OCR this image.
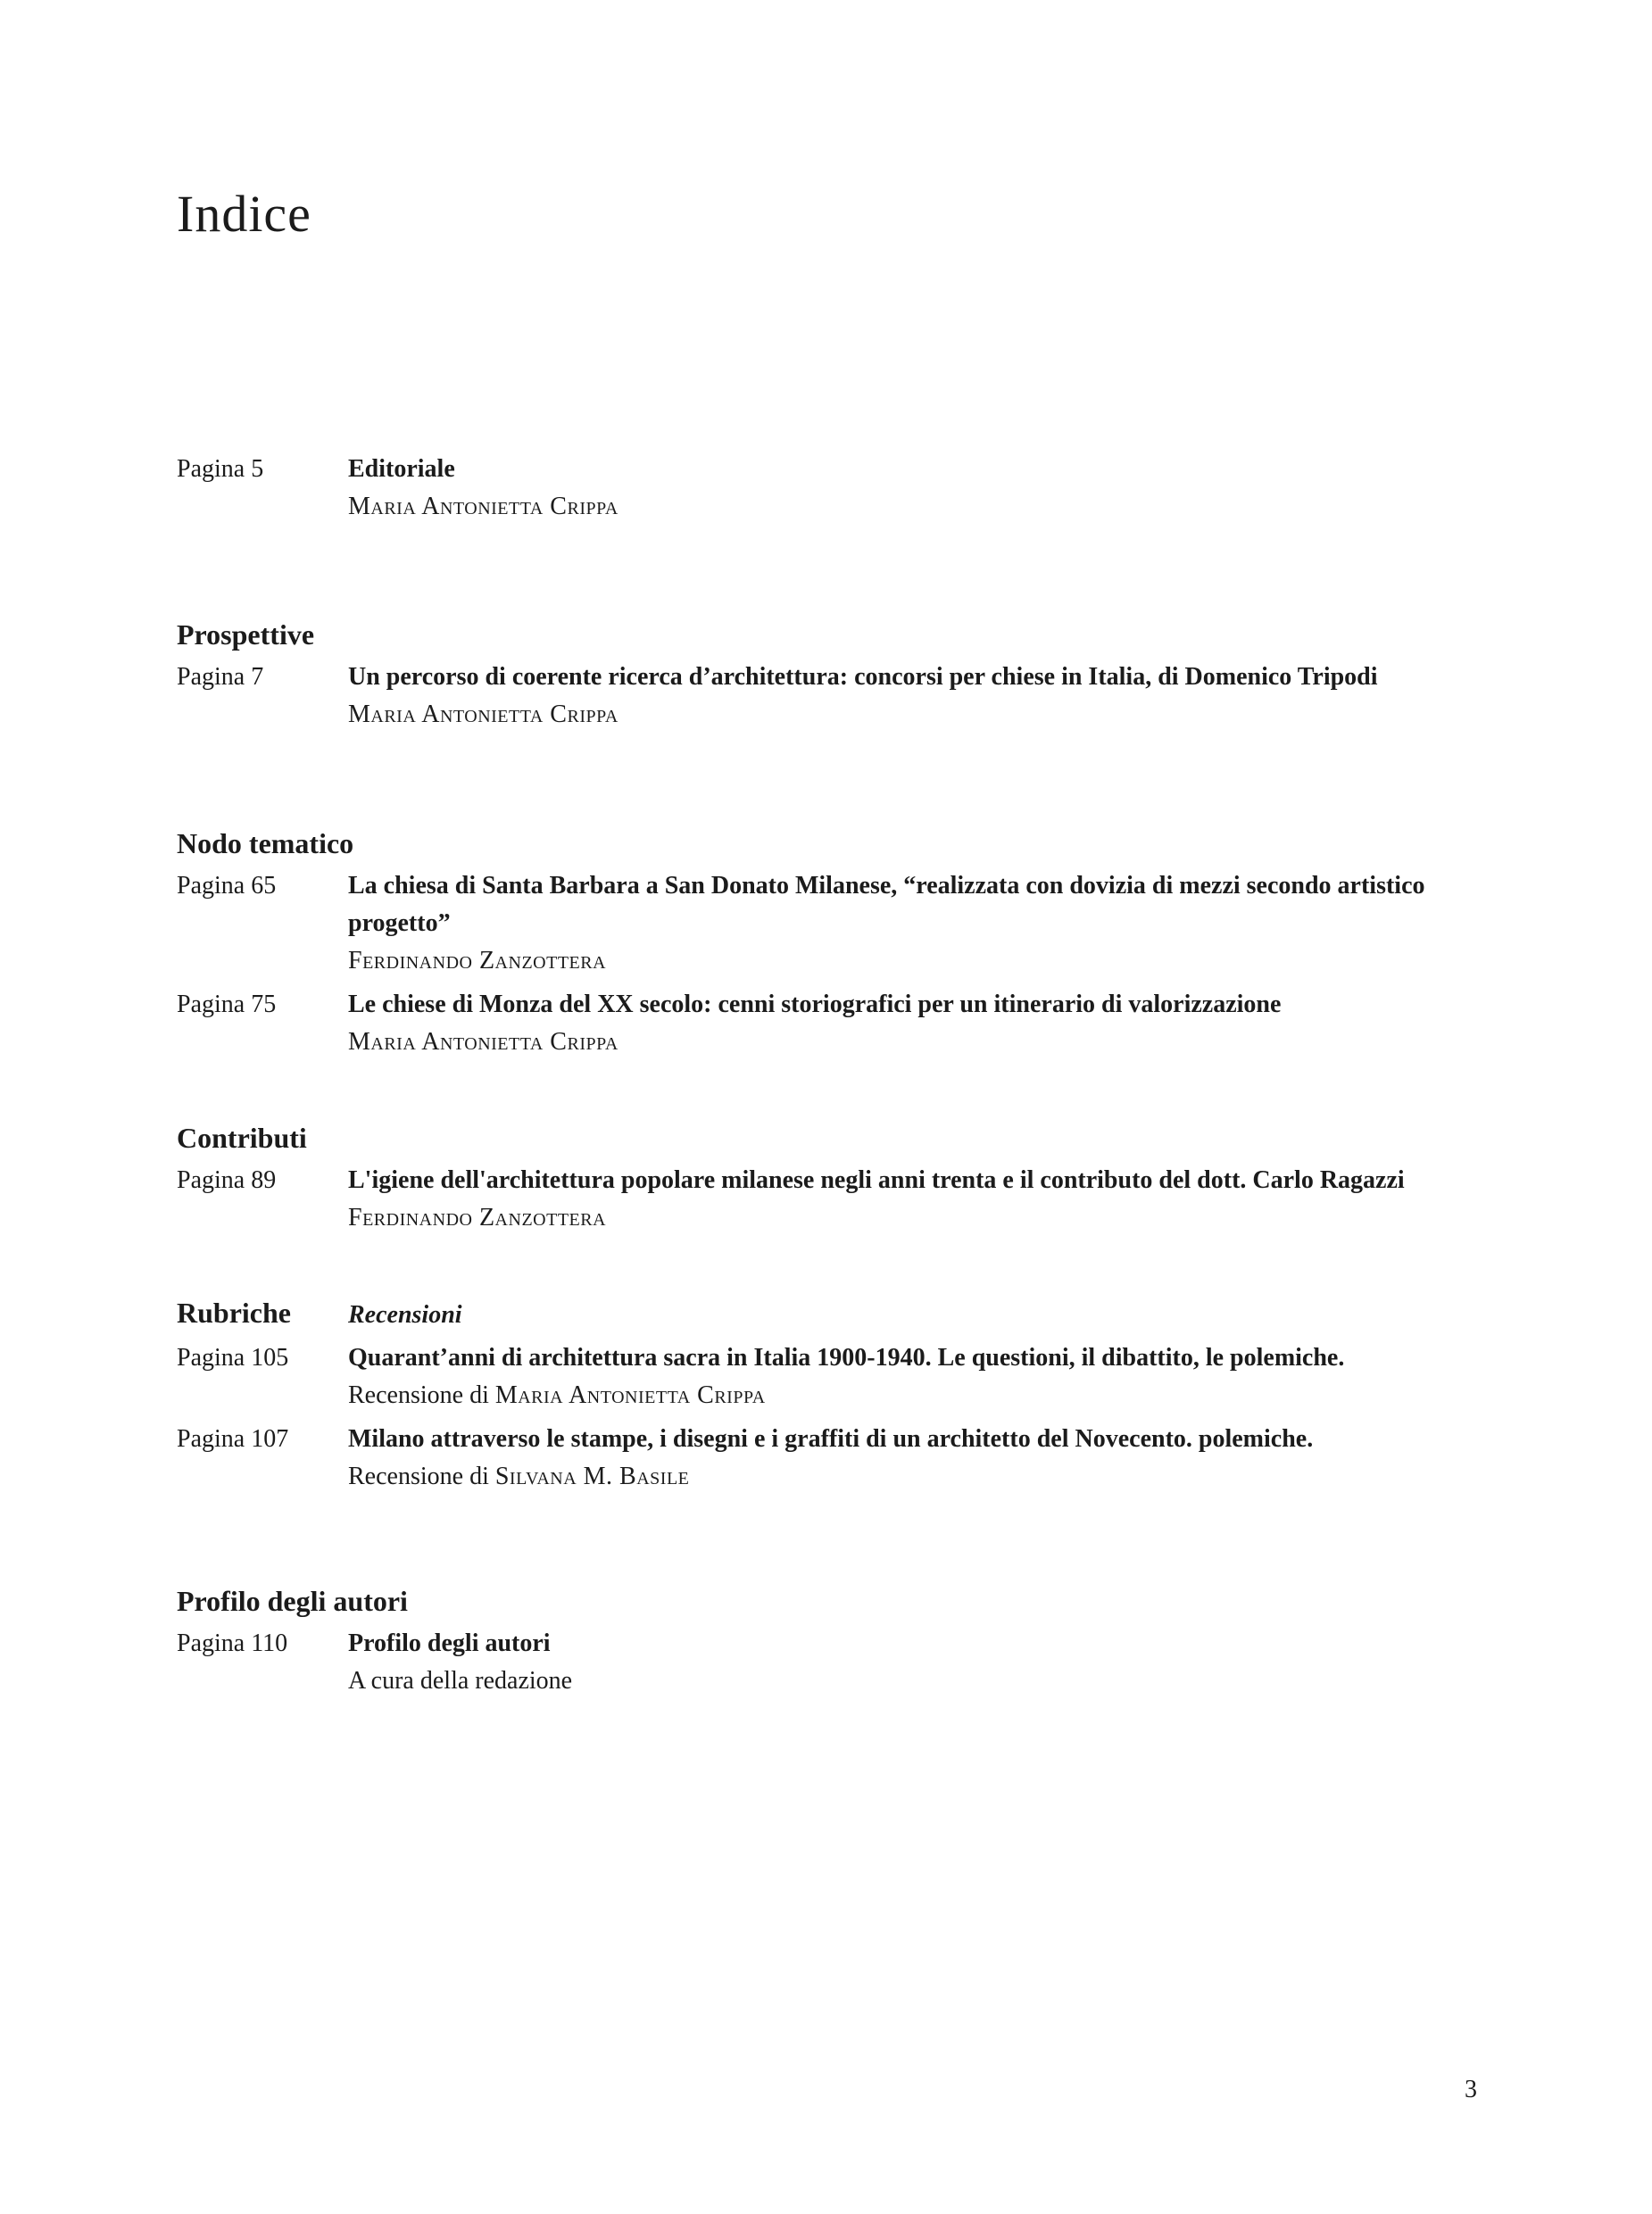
Indice
Pagina 5	Editoriale
Maria Antonietta Crippa
Prospettive
Pagina 7	Un percorso di coerente ricerca d’architettura: concorsi per chiese in Italia, di Domenico Tripodi
Maria Antonietta Crippa
Nodo tematico
Pagina 65	La chiesa di Santa Barbara a San Donato Milanese, “realizzata con dovizia di mezzi secondo artistico progetto”
Ferdinando Zanzottera
Pagina 75	Le chiese di Monza del XX secolo: cenni storiografici per un itinerario di valorizzazione
Maria Antonietta Crippa
Contributi
Pagina 89	L'igiene dell'architettura popolare milanese negli anni trenta e il contributo del dott. Carlo Ragazzi
Ferdinando Zanzottera
Rubriche	Recensioni
Pagina 105	Quarant’anni di architettura sacra in Italia 1900-1940. Le questioni, il dibattito, le polemiche.
Recensione di Maria Antonietta Crippa
Pagina 107	Milano attraverso le stampe, i disegni e i graffiti di un architetto del Novecento. polemiche.
Recensione di Silvana M. Basile
Profilo degli autori
Pagina 110	Profilo degli autori
A cura della redazione
3
